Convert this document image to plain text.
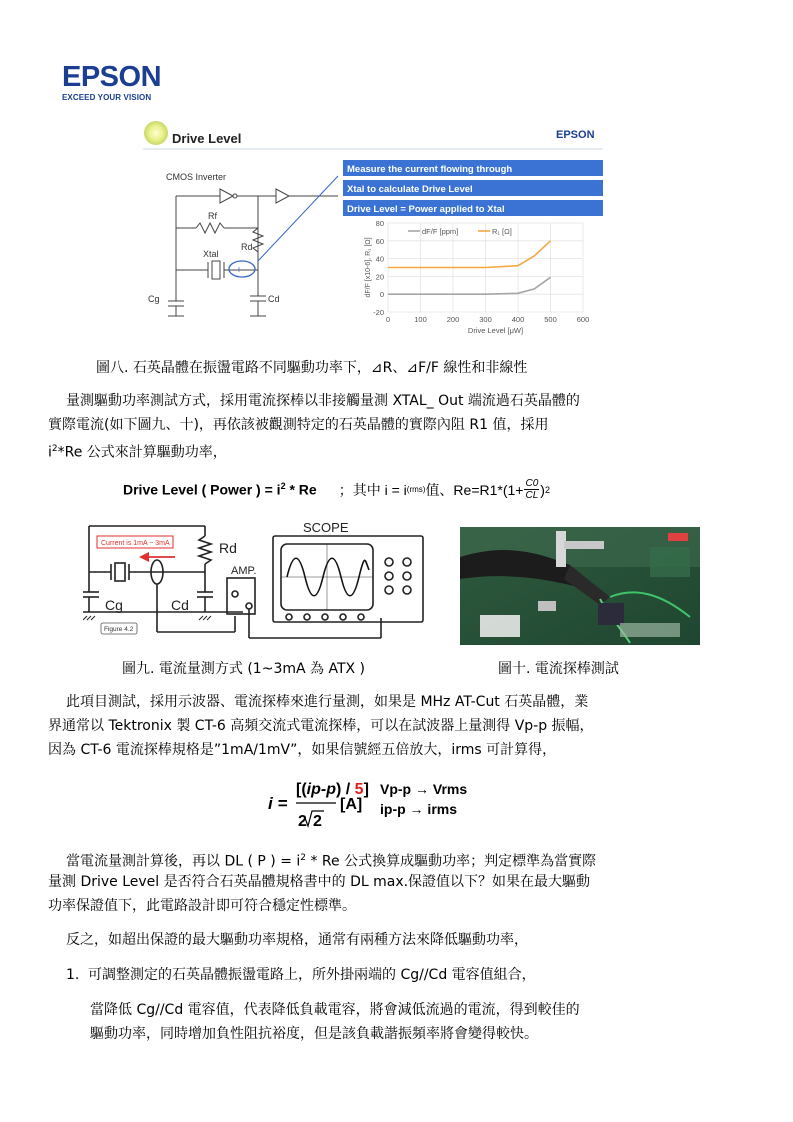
EPSON
EXCEED YOUR VISION
Drive Level	EPSON
CMOS Inverter
Rf
Rd
Xtal
I
Cg	Cd
Measure the current flowing through
Xtal to calculate Drive Level
Drive Level = Power applied to Xtal
-20
0
20
40
60
80
0	100	200	300	400	500	600
Drive Level [μW]
dF/F [x10-6], R₁ [Ω]
dF/F [ppm]	R₁ [Ω]
圖八. 石英晶體在振盪電路不同驅動功率下，⊿R、⊿F/F 線性和非線性
量測驅動功率測試方式，採用電流探棒以非接觸量測 XTAL_ Out 端流過石英晶體的
實際電流(如下圖九、十)，再依該被觀測特定的石英晶體的實際內阻 R1 值，採用
$i^2*Re$ 公式來計算驅動功率，
Drive Level ( Power ) = $i^2$ * Re ；其中 i = i (rms) 值、$Re=R1*(1+ \frac{C0}{CL}$ ) 2
Current is 1mA ~ 3mA	Rd
SCOPE
AMP.
Cg	Cd
Figure 4.2
圖九. 電流量測方式 (1~3mA 為 ATX )	圖十. 電流探棒測試
此項目測試，採用示波器、電流探棒來進行量測，如果是 MHz AT-Cut 石英晶體，業
界通常以 Tektronix 製 CT-6 高頻交流式電流探棒，可以在試波器上量測得 Vp-p 振幅，
因為 CT-6 電流探棒規格是”1mA/1mV”，如果信號經五倍放大，irms 可計算得，
i =
[(ip-p) / 5]
[A]
2 2
Vp-p → Vrms
ip-p → irms
當電流量測計算後，再以 DL ( P ) = $i^2$ * Re 公式換算成驅動功率；判定標準為當實際
量測 Drive Level 是否符合石英晶體規格書中的 DL max.保證值以下？如果在最大驅動
功率保證值下，此電路設計即可符合穩定性標準。
反之，如超出保證的最大驅動功率規格，通常有兩種方法來降低驅動功率，
1. 可調整測定的石英晶體振盪電路上，所外掛兩端的 Cg//Cd 電容值組合，
當降低 Cg//Cd 電容值，代表降低負載電容，將會減低流過的電流，得到較佳的
驅動功率，同時增加負性阻抗裕度，但是該負載諧振頻率將會變得較快。
